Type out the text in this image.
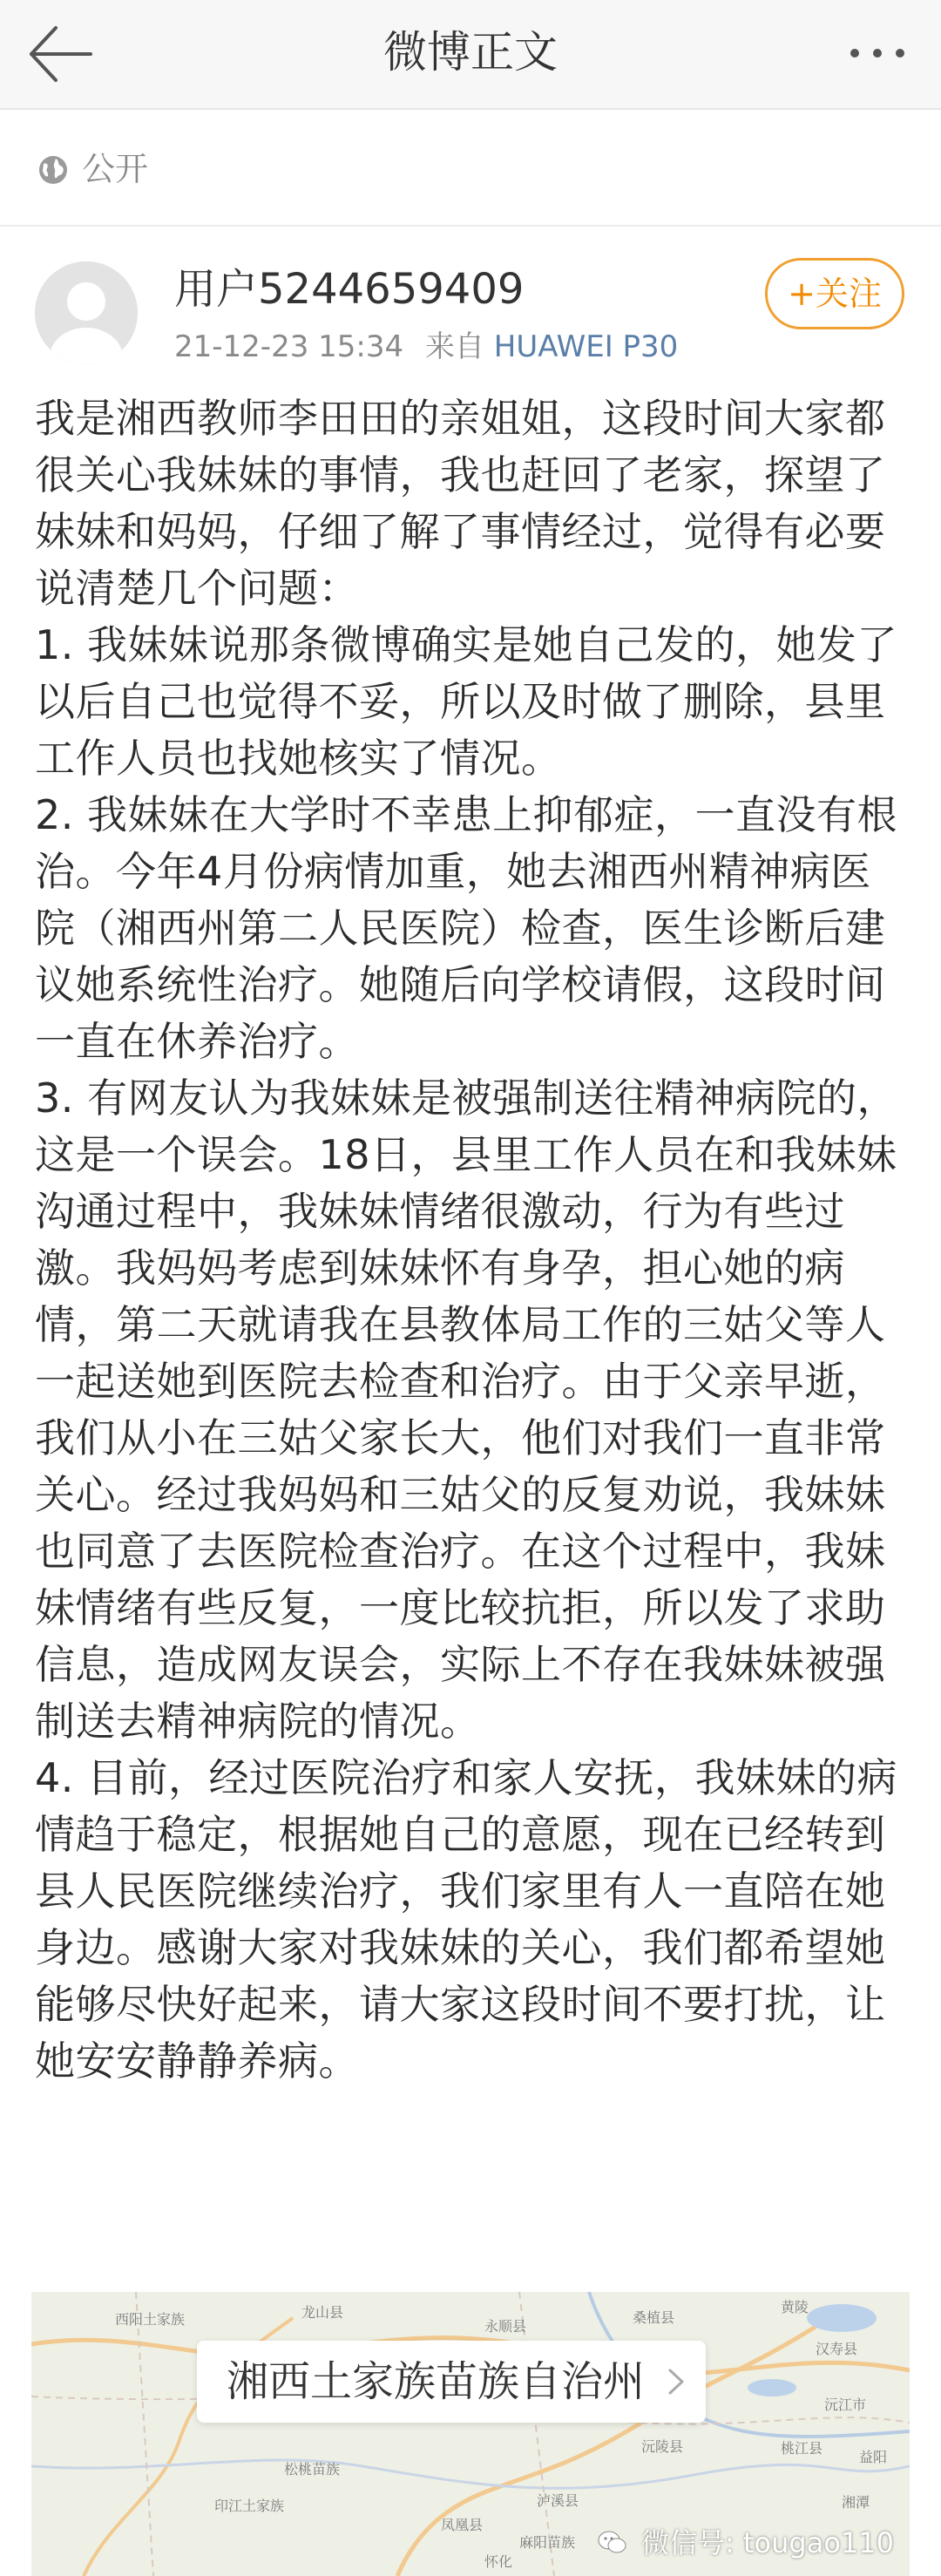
微博正文
公开
用户5244659409
21-12-23 15:34 来自 HUAWEI P30
+关注
我是湘西教师李田田的亲姐姐，这段时间大家都很关心我妹妹的事情，我也赶回了老家，探望了妹妹和妈妈，仔细了解了事情经过，觉得有必要说清楚几个问题：
1. 我妹妹说那条微博确实是她自己发的，她发了以后自己也觉得不妥，所以及时做了删除，县里工作人员也找她核实了情况。
2. 我妹妹在大学时不幸患上抑郁症，一直没有根治。今年4月份病情加重，她去湘西州精神病医院（湘西州第二人民医院）检查，医生诊断后建议她系统性治疗。她随后向学校请假，这段时间一直在休养治疗。
3. 有网友认为我妹妹是被强制送往精神病院的，这是一个误会。18日，县里工作人员在和我妹妹沟通过程中，我妹妹情绪很激动，行为有些过激。我妈妈考虑到妹妹怀有身孕，担心她的病情，第二天就请我在县教体局工作的三姑父等人一起送她到医院去检查和治疗。由于父亲早逝，我们从小在三姑父家长大，他们对我们一直非常关心。经过我妈妈和三姑父的反复劝说，我妹妹也同意了去医院检查治疗。在这个过程中，我妹妹情绪有些反复，一度比较抗拒，所以发了求助信息，造成网友误会，实际上不存在我妹妹被强制送去精神病院的情况。
4. 目前，经过医院治疗和家人安抚，我妹妹的病情趋于稳定，根据她自己的意愿，现在已经转到县人民医院继续治疗，我们家里有人一直陪在她身边。感谢大家对我妹妹的关心，我们都希望她能够尽快好起来，请大家这段时间不要打扰，让她安安静静养病。
黄陵
汉寿县
西阳土家族	龙山县
永顺县
桑植县
沅陵县
泸溪县
印江土家族
松桃苗族
凤凰县
麻阳苗族
怀化
沅江市
桃江县
益阳
湘潭
湘西土家族苗族自治州
微信号: tougao110
